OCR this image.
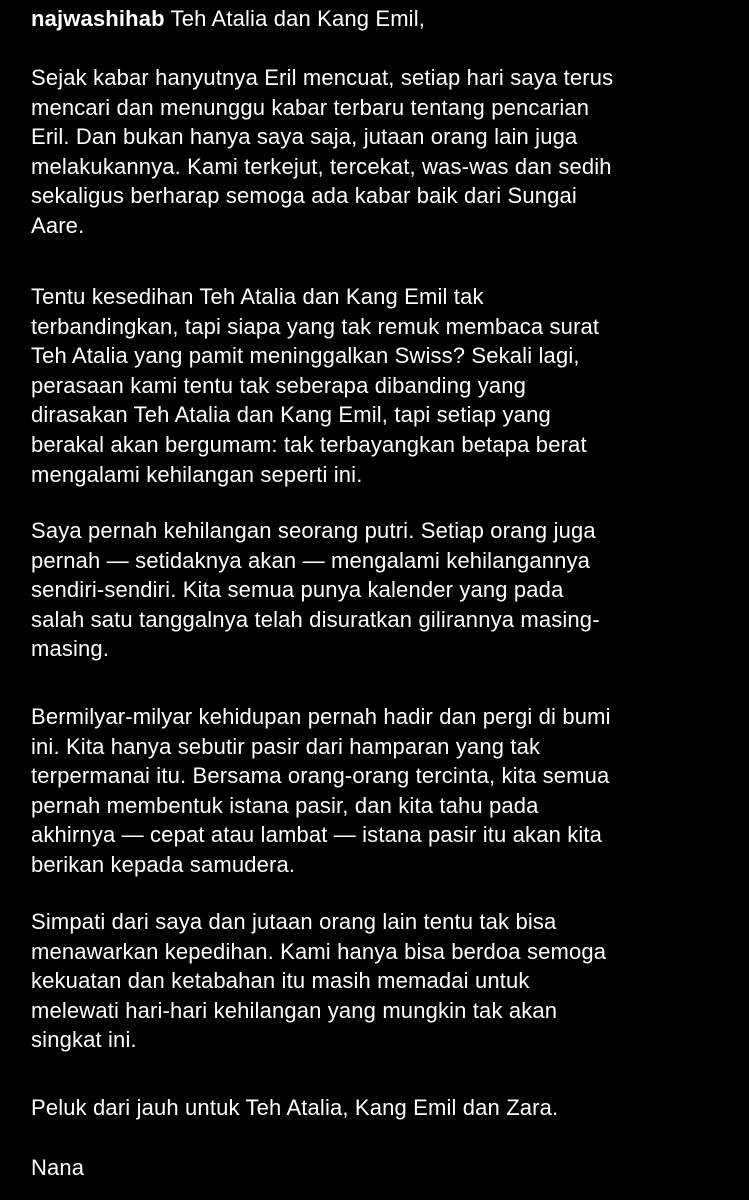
najwashihab Teh Atalia dan Kang Emil,
Sejak kabar hanyutnya Eril mencuat, setiap hari saya terus
mencari dan menunggu kabar terbaru tentang pencarian
Eril. Dan bukan hanya saya saja, jutaan orang lain juga
melakukannya. Kami terkejut, tercekat, was-was dan sedih
sekaligus berharap semoga ada kabar baik dari Sungai
Aare.
Tentu kesedihan Teh Atalia dan Kang Emil tak
terbandingkan, tapi siapa yang tak remuk membaca surat
Teh Atalia yang pamit meninggalkan Swiss? Sekali lagi,
perasaan kami tentu tak seberapa dibanding yang
dirasakan Teh Atalia dan Kang Emil, tapi setiap yang
berakal akan bergumam: tak terbayangkan betapa berat
mengalami kehilangan seperti ini.
Saya pernah kehilangan seorang putri. Setiap orang juga
pernah — setidaknya akan — mengalami kehilangannya
sendiri-sendiri. Kita semua punya kalender yang pada
salah satu tanggalnya telah disuratkan gilirannya masing-
masing.
Bermilyar-milyar kehidupan pernah hadir dan pergi di bumi
ini. Kita hanya sebutir pasir dari hamparan yang tak
terpermanai itu. Bersama orang-orang tercinta, kita semua
pernah membentuk istana pasir, dan kita tahu pada
akhirnya — cepat atau lambat — istana pasir itu akan kita
berikan kepada samudera.
Simpati dari saya dan jutaan orang lain tentu tak bisa
menawarkan kepedihan. Kami hanya bisa berdoa semoga
kekuatan dan ketabahan itu masih memadai untuk
melewati hari-hari kehilangan yang mungkin tak akan
singkat ini.
Peluk dari jauh untuk Teh Atalia, Kang Emil dan Zara.
Nana
